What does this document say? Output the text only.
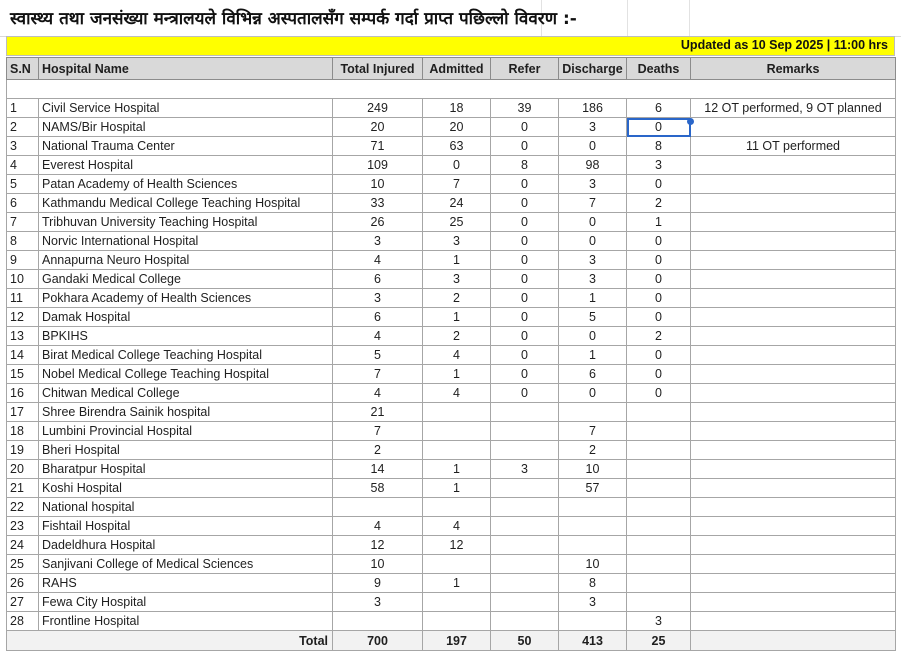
स्वास्थ्य तथा जनसंख्या मन्त्रालयले विभिन्न अस्पतालसँग सम्पर्क गर्दा प्राप्त पछिल्लो विवरण :-
Updated as 10 Sep 2025 | 11:00 hrs
S.N	Hospital Name	Total Injured	Admitted	Refer	Discharge	Deaths	Remarks

1	Civil Service Hospital	249	18	39	186	6	12 OT performed, 9 OT planned
2	NAMS/Bir Hospital	20	20	0	3	0	
3	National Trauma Center	71	63	0	0	8	11 OT performed
4	Everest Hospital	109	0	8	98	3	
5	Patan Academy of Health Sciences	10	7	0	3	0	
6	Kathmandu Medical College Teaching Hospital	33	24	0	7	2	
7	Tribhuvan University Teaching Hospital	26	25	0	0	1	
8	Norvic International Hospital	3	3	0	0	0	
9	Annapurna Neuro Hospital	4	1	0	3	0	
10	Gandaki Medical College	6	3	0	3	0	
11	Pokhara Academy of Health Sciences	3	2	0	1	0	
12	Damak Hospital	6	1	0	5	0	
13	BPKIHS	4	2	0	0	2	
14	Birat Medical College Teaching Hospital	5	4	0	1	0	
15	Nobel Medical College Teaching Hospital	7	1	0	6	0	
16	Chitwan Medical College	4	4	0	0	0	
17	Shree Birendra Sainik hospital	21					
18	Lumbini Provincial Hospital	7			7		
19	Bheri Hospital	2			2		
20	Bharatpur Hospital	14	1	3	10		
21	Koshi Hospital	58	1		57		
22	National hospital						
23	Fishtail Hospital	4	4				
24	Dadeldhura Hospital	12	12				
25	Sanjivani College of Medical Sciences	10			10		
26	RAHS	9	1		8		
27	Fewa City Hospital	3			3		
28	Frontline Hospital					3	
Total		700	197	50	413	25	
